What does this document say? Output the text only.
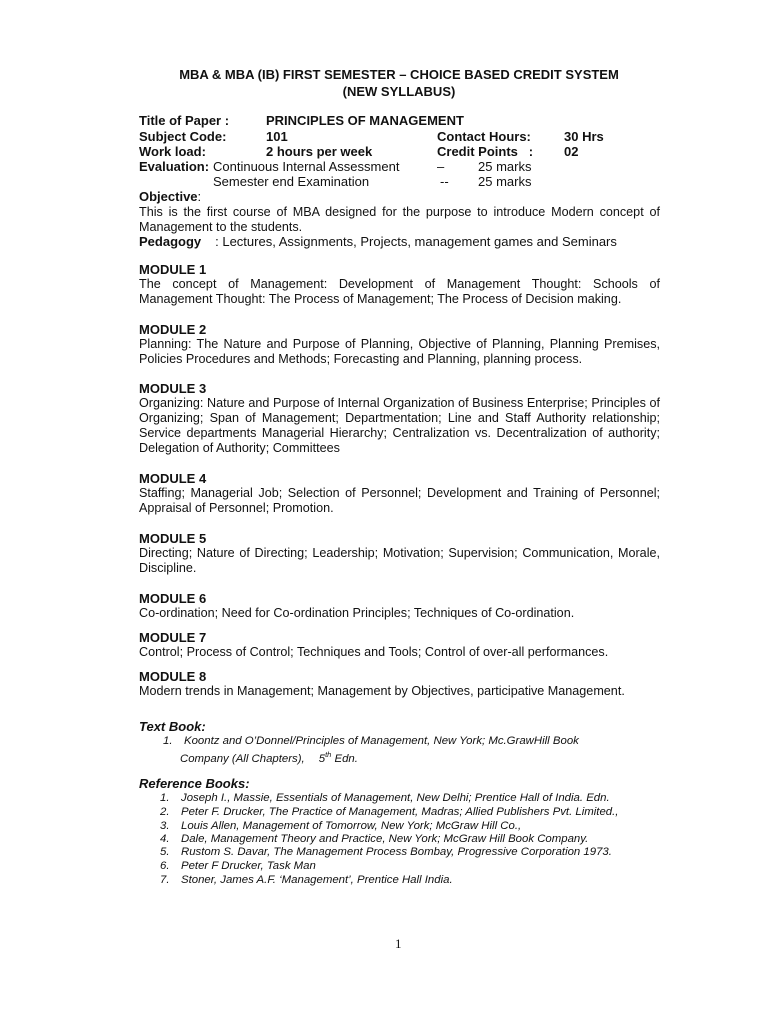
MBA & MBA (IB) FIRST SEMESTER – CHOICE BASED CREDIT SYSTEM
(NEW SYLLABUS)
Title of Paper :	PRINCIPLES OF MANAGEMENT
Subject Code:	101	Contact Hours:	30 Hrs
Work load:	2 hours per week	Credit Points   : 02
Evaluation: Continuous Internal Assessment	–	25 marks
Semester end Examination	-- 25 marks
Objective:
This is the first course of MBA designed for the purpose to introduce Modern concept of Management to the students.
Pedagogy : Lectures, Assignments, Projects, management games and Seminars
MODULE 1
The concept of Management: Development of Management Thought: Schools of Management Thought: The Process of Management; The Process of Decision making.
MODULE 2
Planning: The Nature and Purpose of Planning, Objective of Planning, Planning Premises, Policies Procedures and Methods; Forecasting and Planning, planning process.
MODULE 3
Organizing: Nature and Purpose of Internal Organization of Business Enterprise; Principles of Organizing; Span of Management; Departmentation; Line and Staff Authority relationship; Service departments Managerial Hierarchy; Centralization vs. Decentralization of authority; Delegation of Authority; Committees
MODULE 4
Staffing; Managerial Job; Selection of Personnel; Development and Training of Personnel; Appraisal of Personnel; Promotion.
MODULE 5
Directing; Nature of Directing; Leadership; Motivation; Supervision; Communication, Morale, Discipline.
MODULE 6
Co-ordination; Need for Co-ordination Principles; Techniques of Co-ordination.
MODULE 7
Control; Process of Control; Techniques and Tools; Control of over-all performances.
MODULE 8
Modern trends in Management; Management by Objectives, participative Management.
Text Book:
1. Koontz and O’Donnel/Principles of Management, New York; Mc.GrawHill Book
Company (All Chapters), 5th Edn.
Reference Books:
1. Joseph I., Massie, Essentials of Management, New Delhi; Prentice Hall of India. Edn.
2. Peter F. Drucker, The Practice of Management, Madras; Allied Publishers Pvt. Limited.,
3. Louis Allen, Management of Tomorrow, New York; McGraw Hill Co.,
4. Dale, Management Theory and Practice, New York; McGraw Hill Book Company.
5. Rustom S. Davar, The Management Process Bombay, Progressive Corporation 1973.
6. Peter F Drucker, Task Man
7. Stoner, James A.F. ‘Management’, Prentice Hall India.
1
